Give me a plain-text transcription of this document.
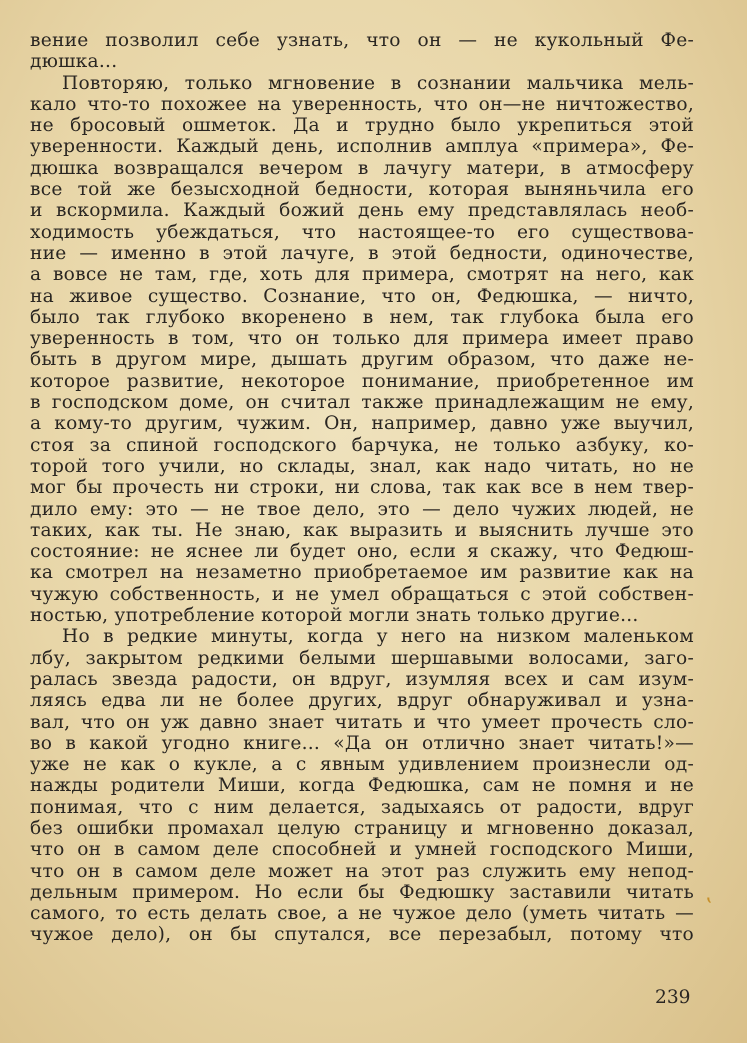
вение позволил себе узнать, что он — не кукольный Фе-
дюшка...
Повторяю, только мгновение в сознании мальчика мель-
кало что-то похожее на уверенность, что он—не ничтожество,
не бросовый ошметок. Да и трудно было укрепиться этой
уверенности. Каждый день, исполнив амплуа «примера», Фе-
дюшка возвращался вечером в лачугу матери, в атмосферу
все той же безысходной бедности, которая выняньчила его
и вскормила. Каждый божий день ему представлялась необ-
ходимость убеждаться, что настоящее-то его существова-
ние — именно в этой лачуге, в этой бедности, одиночестве,
а вовсе не там, где, хоть для примера, смотрят на него, как
на живое существо. Сознание, что он, Федюшка, — ничто,
было так глубоко вкоренено в нем, так глубока была его
уверенность в том, что он только для примера имеет право
быть в другом мире, дышать другим образом, что даже не-
которое развитие, некоторое понимание, приобретенное им
в господском доме, он считал также принадлежащим не ему,
а кому-то другим, чужим. Он, например, давно уже выучил,
стоя за спиной господского барчука, не только азбуку, ко-
торой того учили, но склады, знал, как надо читать, но не
мог бы прочесть ни строки, ни слова, так как все в нем твер-
дило ему: это — не твое дело, это — дело чужих людей, не
таких, как ты. Не знаю, как выразить и выяснить лучше это
состояние: не яснее ли будет оно, если я скажу, что Федюш-
ка смотрел на незаметно приобретаемое им развитие как на
чужую собственность, и не умел обращаться с этой собствен-
ностью, употребление которой могли знать только другие...
Но в редкие минуты, когда у него на низком маленьком
лбу, закрытом редкими белыми шершавыми волосами, заго-
ралась звезда радости, он вдруг, изумляя всех и сам изум-
ляясь едва ли не более других, вдруг обнаруживал и узна-
вал, что он уж давно знает читать и что умеет прочесть сло-
во в какой угодно книге... «Да он отлично знает читать!»—
уже не как о кукле, а с явным удивлением произнесли од-
нажды родители Миши, когда Федюшка, сам не помня и не
понимая, что с ним делается, задыхаясь от радости, вдруг
без ошибки промахал целую страницу и мгновенно доказал,
что он в самом деле способней и умней господского Миши,
что он в самом деле может на этот раз служить ему непод-
дельным примером. Но если бы Федюшку заставили читать
самого, то есть делать свое, а не чужое дело (уметь читать —
чужое дело), он бы спутался, все перезабыл, потому что
ʽ
239
